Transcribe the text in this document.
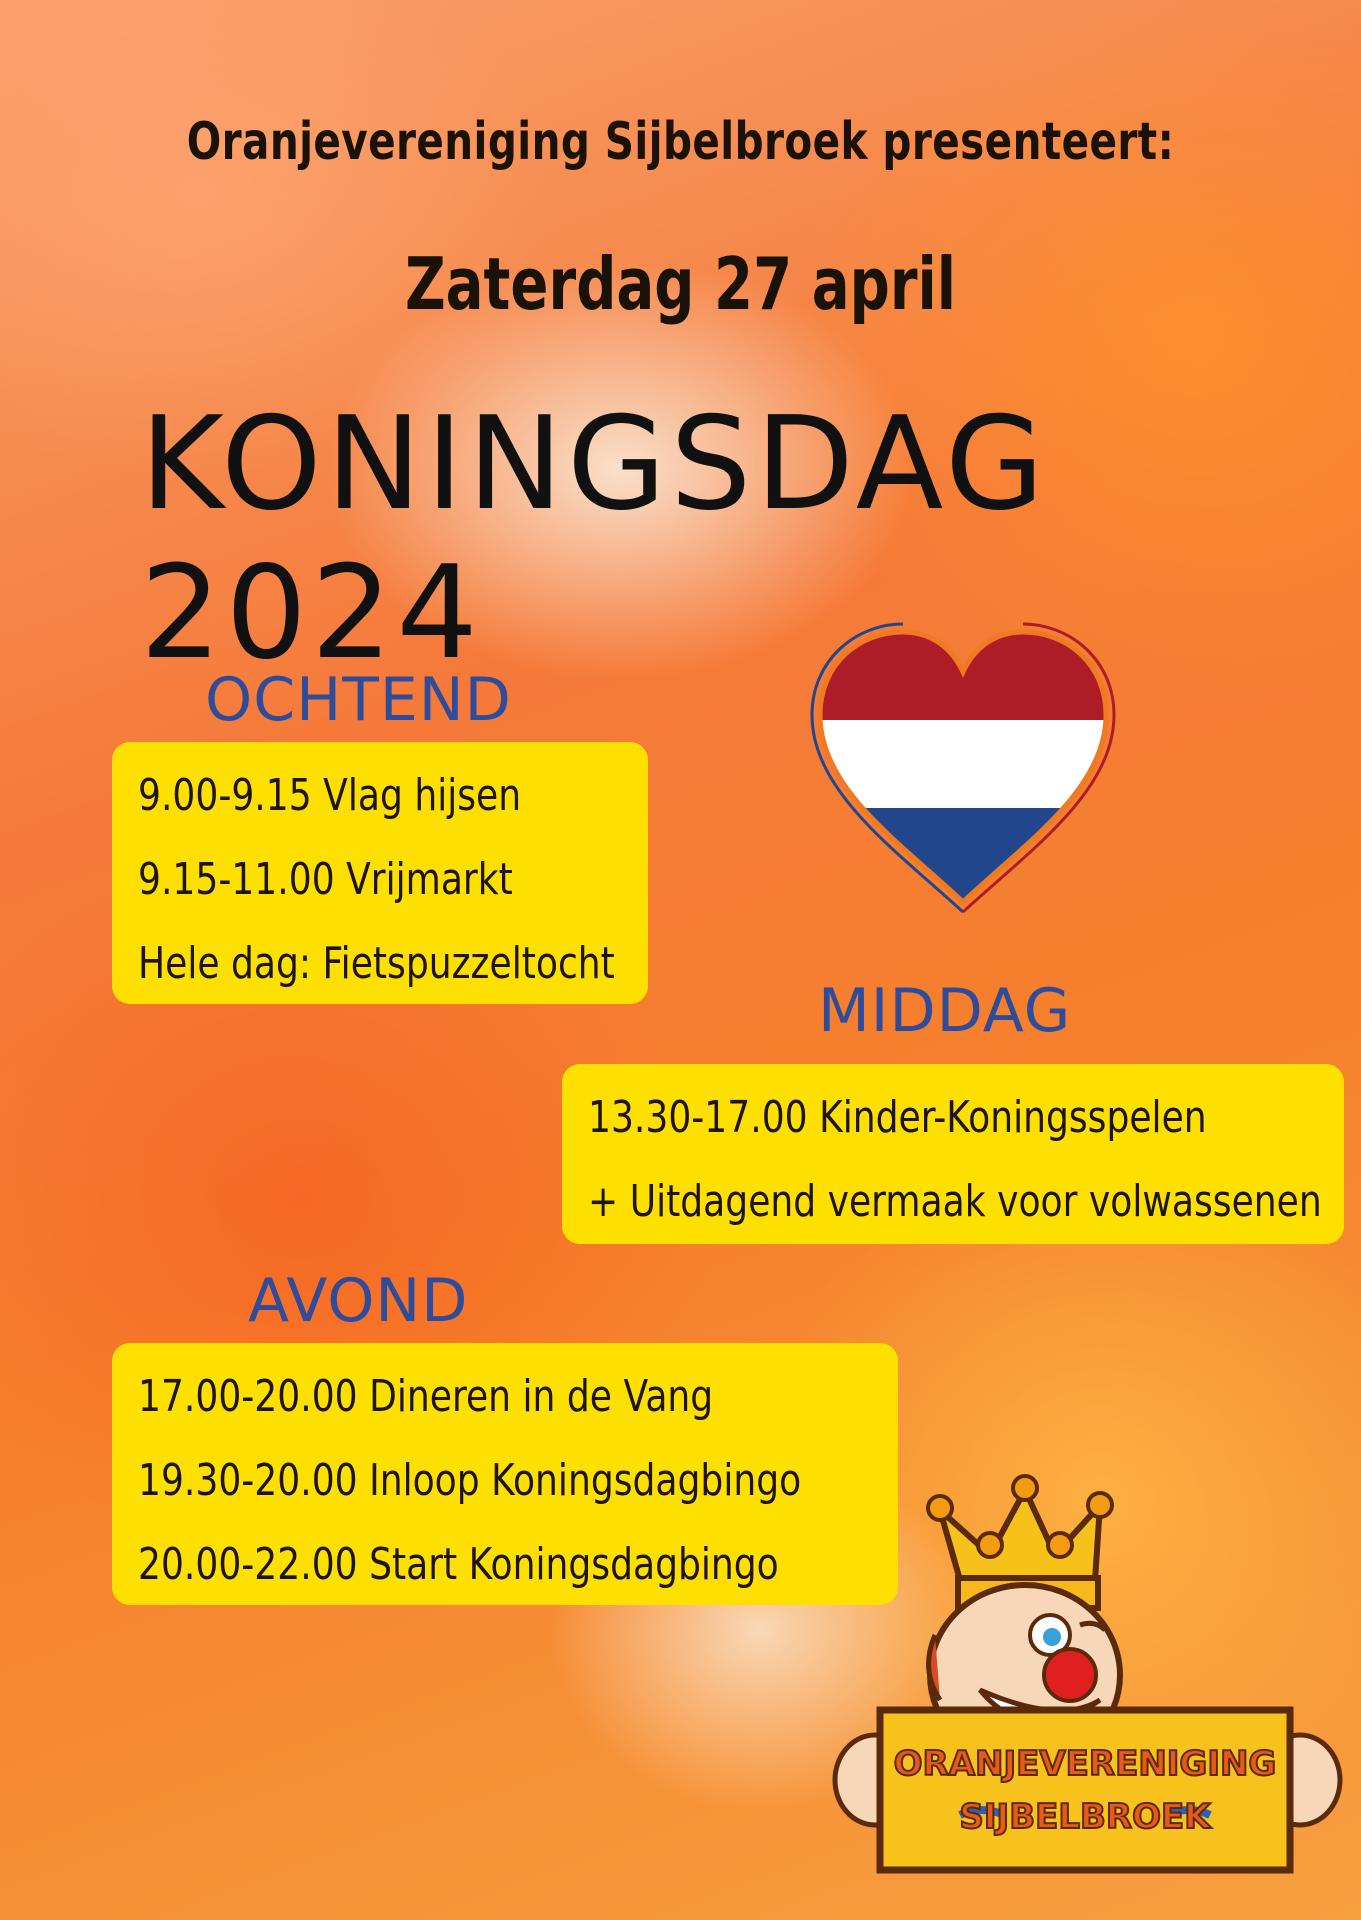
Oranjevereniging Sijbelbroek presenteert:
Zaterdag 27 april
KONINGSDAG 2024
OCHTEND
9.00-9.15 Vlag hijsen
9.15-11.00 Vrijmarkt
Hele dag: Fietspuzzeltocht
MIDDAG
13.30-17.00 Kinder-Koningsspelen
+ Uitdagend vermaak voor volwassenen
AVOND
17.00-20.00 Dineren in de Vang
19.30-20.00 Inloop Koningsdagbingo
20.00-22.00 Start Koningsdagbingo
ORANJEVERENIGING
SIJBELBROEK
